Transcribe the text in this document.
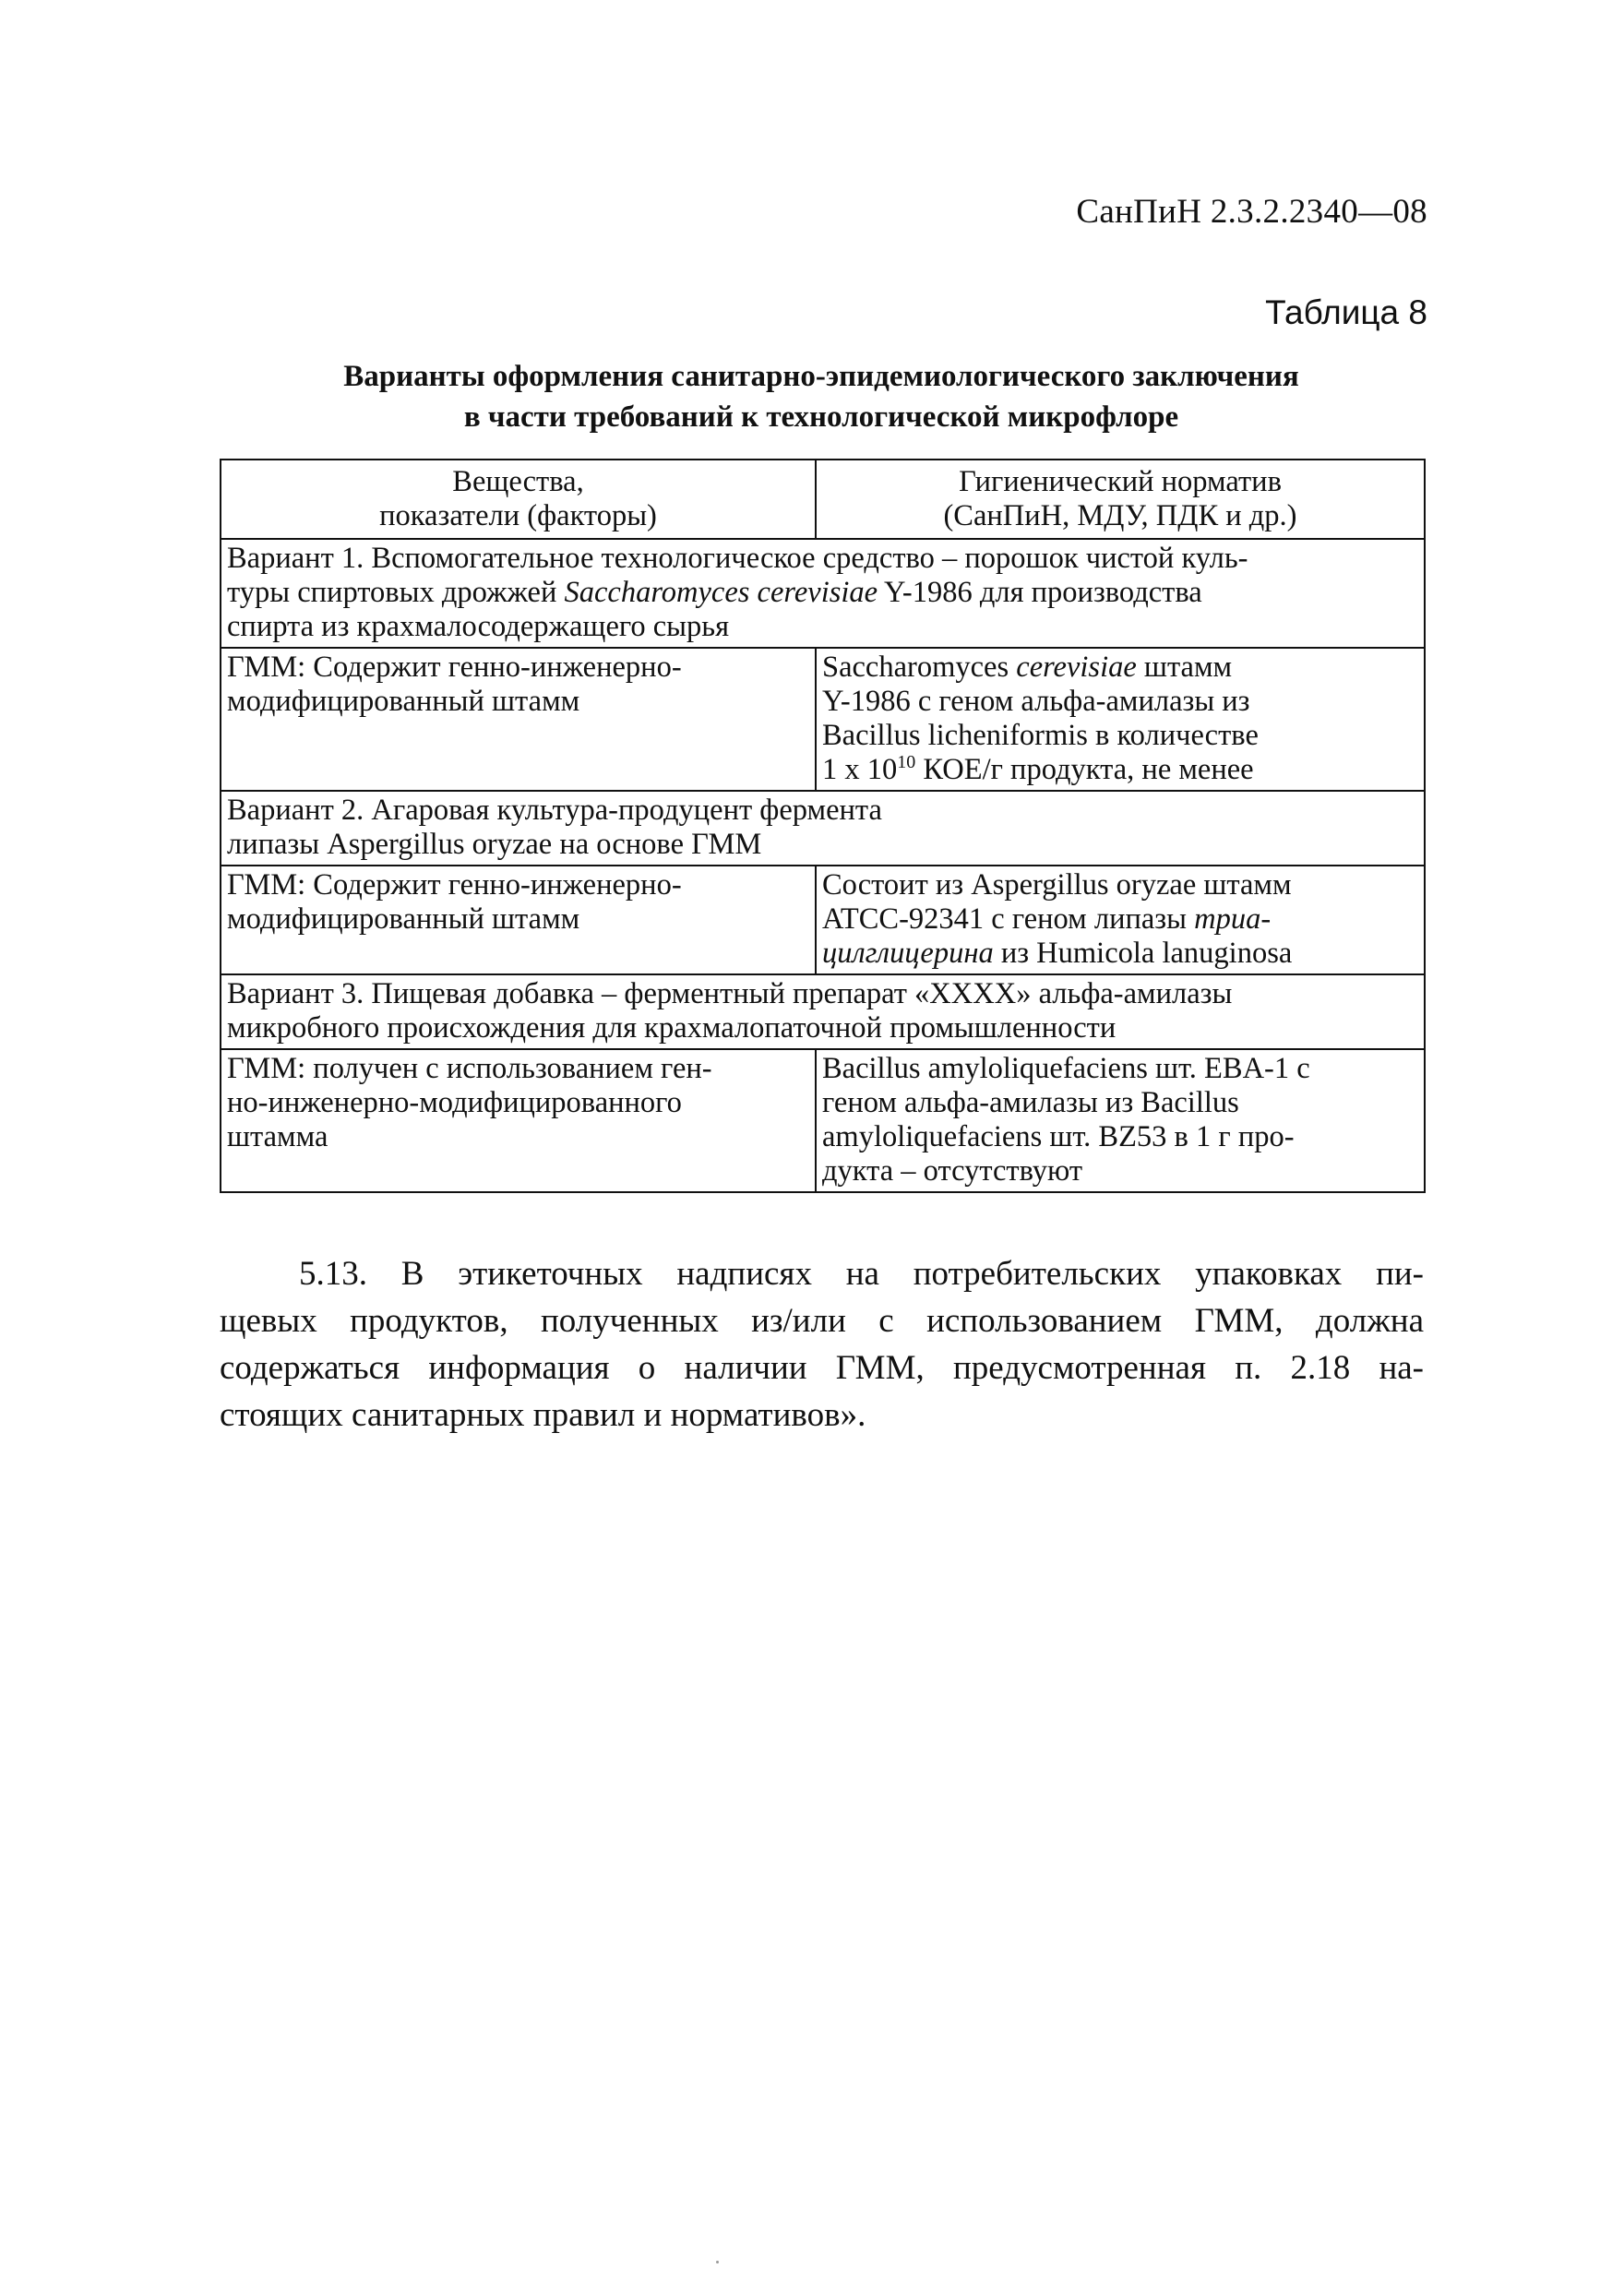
СанПиН 2.3.2.2340—08
Таблица 8
Варианты оформления санитарно-эпидемиологического заключения
в части требований к технологической микрофлоре
Вещества,
показатели (факторы)	Гигиенический норматив
(СанПиН, МДУ, ПДК и др.)

Вариант 1. Вспомогательное технологическое средство – порошок чистой куль-
туры спиртовых дрожжей Saccharomyces cerevisiae Y-1986 для производства
спирта из крахмалосодержащего сырья	

ГММ: Содержит генно-инженерно-
модифицированный штамм	Saccharomyces cerevisiae штамм
Y-1986 с геном альфа-амилазы из
Bacillus licheniformis в количестве
1 x $10^{10}$ КОЕ/г продукта, не менее

Вариант 2. Агаровая культура-продуцент фермента
липазы Aspergillus oryzae на основе ГММ	

ГММ: Содержит генно-инженерно-
модифицированный штамм	Состоит из Aspergillus oryzae штамм
ATCC-92341 с геном липазы триа-
цилглицерина из Humicola lanuginosa

Вариант 3. Пищевая добавка – ферментный препарат «XXXX» альфа-амилазы
микробного происхождения для крахмалопаточной промышленности	

ГММ: получен с использованием ген-
но-инженерно-модифицированного
штамма	Bacillus amyloliquefaciens шт. EBA-1 с
геном альфа-амилазы из Bacillus
amyloliquefaciens шт. BZ53 в 1 г про-
дукта – отсутствуют
5.13. В этикеточных надписях на потребительских упаковках пи-
щевых продуктов, полученных из/или с использованием ГММ, должна
содержаться информация о наличии ГММ, предусмотренная п. 2.18 на-
стоящих санитарных правил и нормативов».
